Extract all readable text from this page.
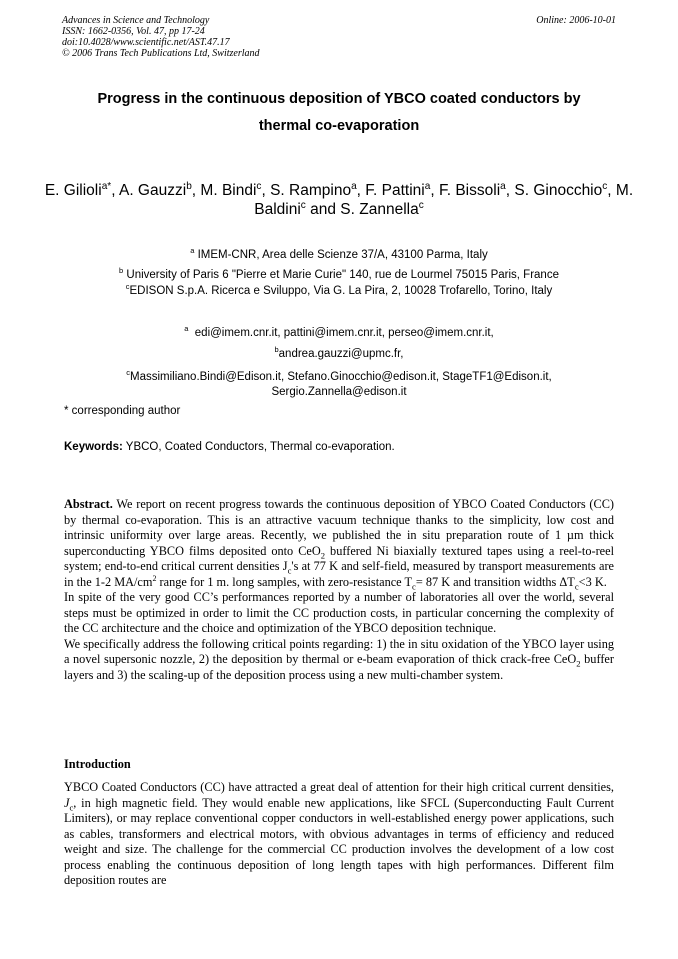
Advances in Science and Technology
ISSN: 1662-0356, Vol. 47, pp 17-24
doi:10.4028/www.scientific.net/AST.47.17
© 2006 Trans Tech Publications Ltd, Switzerland
Online: 2006-10-01
Progress in the continuous deposition of YBCO coated conductors by
thermal co-evaporation
E. Gilioli$^{a*}$, A. Gauzzi$^b$, M. Bindi$^c$, S. Rampino$^a$, F. Pattini$^a$, F. Bissoli$^a$, S. Ginocchio$^c$, M. Baldini$^c$ and S. Zannella$^c$
$^a$ IMEM-CNR, Area delle Scienze 37/A, 43100 Parma, Italy
$^b$ University of Paris 6 "Pierre et Marie Curie" 140, rue de Lourmel 75015 Paris, France
$^c$EDISON S.p.A. Ricerca e Sviluppo, Via G. La Pira, 2, 10028 Trofarello, Torino, Italy
$^a$ edi@imem.cnr.it, pattini@imem.cnr.it, perseo@imem.cnr.it,
$^b$andrea.gauzzi@upmc.fr,
$^c$Massimiliano.Bindi@Edison.it, Stefano.Ginocchio@edison.it, StageTF1@Edison.it,
Sergio.Zannella@edison.it
* corresponding author
Keywords: YBCO, Coated Conductors, Thermal co-evaporation.

Abstract. We report on recent progress towards the continuous deposition of YBCO Coated Conductors (CC) by thermal co-evaporation. This is an attractive vacuum technique thanks to the simplicity, low cost and intrinsic uniformity over large areas. Recently, we published the in situ preparation route of 1 µm thick superconducting YBCO films deposited onto CeO$_2$ buffered Ni biaxially textured tapes using a reel-to-reel system; end-to-end critical current densities $J_c's$ at 77 K and self-field, measured by transport measurements are in the 1-2 $MA/cm^2$ range for 1 m. long samples, with zero-resistance $T_c= 87$ K and transition widths $\Delta T_c<3$ K.

In spite of the very good CC’s performances reported by a number of laboratories all over the world, several steps must be optimized in order to limit the CC production costs, in particular concerning the complexity of the CC architecture and the choice and optimization of the YBCO deposition technique.

We specifically address the following critical points regarding: 1) the in situ oxidation of the YBCO layer using a novel supersonic nozzle, 2) the deposition by thermal or e-beam evaporation of thick crack-free CeO$_2$ buffer layers and 3) the scaling-up of the deposition process using a new multi-chamber system.

Introduction

YBCO Coated Conductors (CC) have attracted a great deal of attention for their high critical current densities, $J_c$, in high magnetic field. They would enable new applications, like SFCL (Superconducting Fault Current Limiters), or may replace conventional copper conductors in well-established energy power applications, such as cables, transformers and electrical motors, with obvious advantages in terms of efficiency and reduced weight and size. The challenge for the commercial CC production involves the development of a low cost process enabling the continuous deposition of long length tapes with high performances. Different film deposition routes are
